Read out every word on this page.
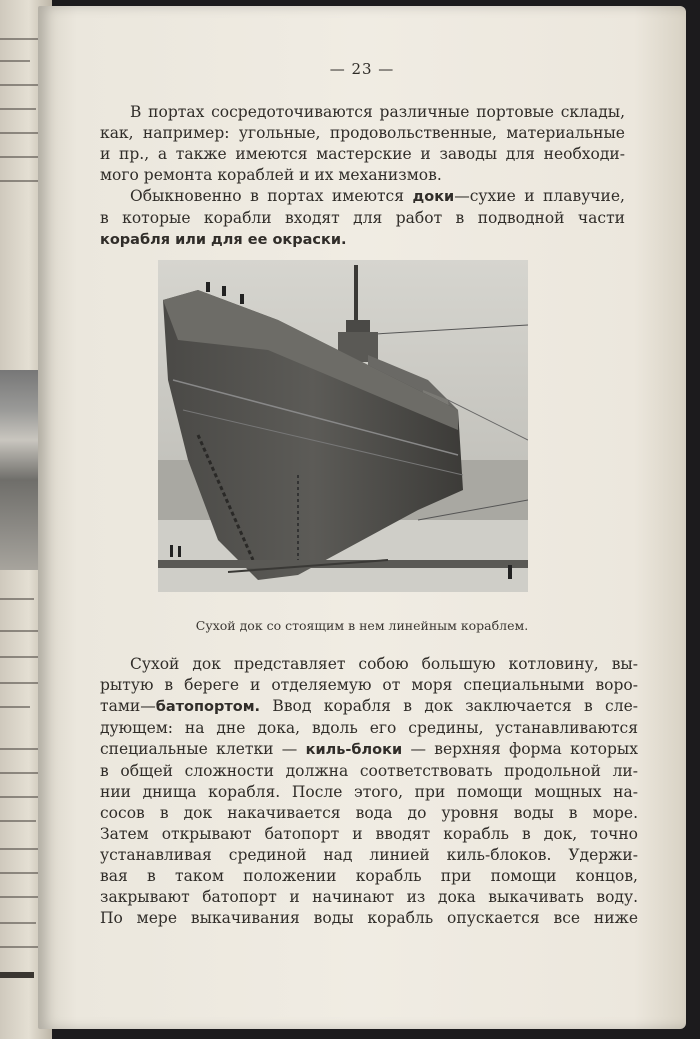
— 23 —
В портах сосредоточиваются различные портовые склады,
как, например: угольные, продовольственные, материальные
и пр., а также имеются мастерские и заводы для необходи-
мого ремонта кораблей и их механизмов.
Обыкновенно в портах имеются доки—сухие и плавучие,
в которые корабли входят для работ в подводной части
корабля или для ее окраски.
Сухой док со стоящим в нем линейным кораблем.
Сухой док представляет собою большую котловину, вы-
рытую в береге и отделяемую от моря специальными воро-
тами—батопортом. Ввод корабля в док заключается в сле-
дующем: на дне дока, вдоль его средины, устанавливаются
специальные клетки — киль-блоки — верхняя форма которых
в общей сложности должна соответствовать продольной ли-
нии днища корабля. После этого, при помощи мощных на-
сосов в док накачивается вода до уровня воды в море.
Затем открывают батопорт и вводят корабль в док, точно
устанавливая срединой над линией киль-блоков. Удержи-
вая в таком положении корабль при помощи концов,
закрывают батопорт и начинают из дока выкачивать воду.
По мере выкачивания воды корабль опускается все ниже
